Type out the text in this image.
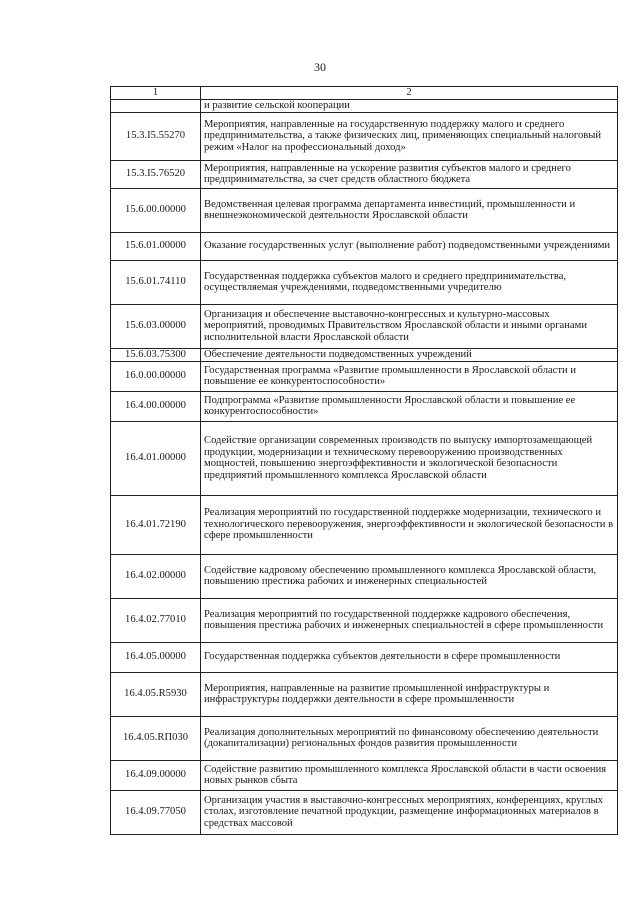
30
1	2
	и развитие сельской кооперации
15.3.I5.55270	Мероприятия, направленные на государственную поддержку малого и среднего предпринимательства, а также физических лиц, применяющих специальный налоговый режим «Налог на профессиональный доход»
15.3.I5.76520	Мероприятия, направленные на ускорение развития субъектов малого и среднего предпринимательства, за счет средств областного бюджета
15.6.00.00000	Ведомственная целевая программа департамента инвестиций, промышленности и внешнеэкономической деятельности Ярославской области
15.6.01.00000	Оказание государственных услуг (выполнение работ) подведомственными учреждениями
15.6.01.74110	Государственная поддержка субъектов малого и среднего предпринимательства, осуществляемая учреждениями, подведомственными учредителю
15.6.03.00000	Организация и обеспечение выставочно-конгрессных и культурно-массовых мероприятий, проводимых Правительством Ярославской области и иными органами исполнительной власти Ярославской области
15.6.03.75300	Обеспечение деятельности подведомственных учреждений
16.0.00.00000	Государственная программа «Развитие промышленности в Ярославской области и повышение ее конкурентоспособности»
16.4.00.00000	Подпрограмма «Развитие промышленности Ярославской области и повышение ее конкурентоспособности»
16.4.01.00000	Содействие организации современных производств по выпуску импортозамещающей продукции, модернизации и техническому перевооружению производственных мощностей, повышению энергоэффективности и экологической безопасности предприятий промышленного комплекса Ярославской области
16.4.01.72190	Реализация мероприятий по государственной поддержке модернизации, технического и технологического перевооружения, энергоэффективности и экологической безопасности в сфере промышленности
16.4.02.00000	Содействие кадровому обеспечению промышленного комплекса Ярославской области, повышению престижа рабочих и инженерных специальностей
16.4.02.77010	Реализация мероприятий по государственной поддержке кадрового обеспечения, повышения престижа рабочих и инженерных специальностей в сфере промышленности
16.4.05.00000	Государственная поддержка субъектов деятельности в сфере промышленности
16.4.05.R5930	Мероприятия, направленные на развитие промышленной инфраструктуры и инфраструктуры поддержки деятельности в сфере промышленности
16.4.05.RП030	Реализация дополнительных мероприятий по финансовому обеспечению деятельности (докапитализации) региональных фондов развития промышленности
16.4.09.00000	Содействие развитию промышленного комплекса Ярославской области в части освоения новых рынков сбыта
16.4.09.77050	Организация участия в выставочно-конгрессных мероприятиях, конференциях, круглых столах, изготовление печатной продукции, размещение информационных материалов в средствах массовой
